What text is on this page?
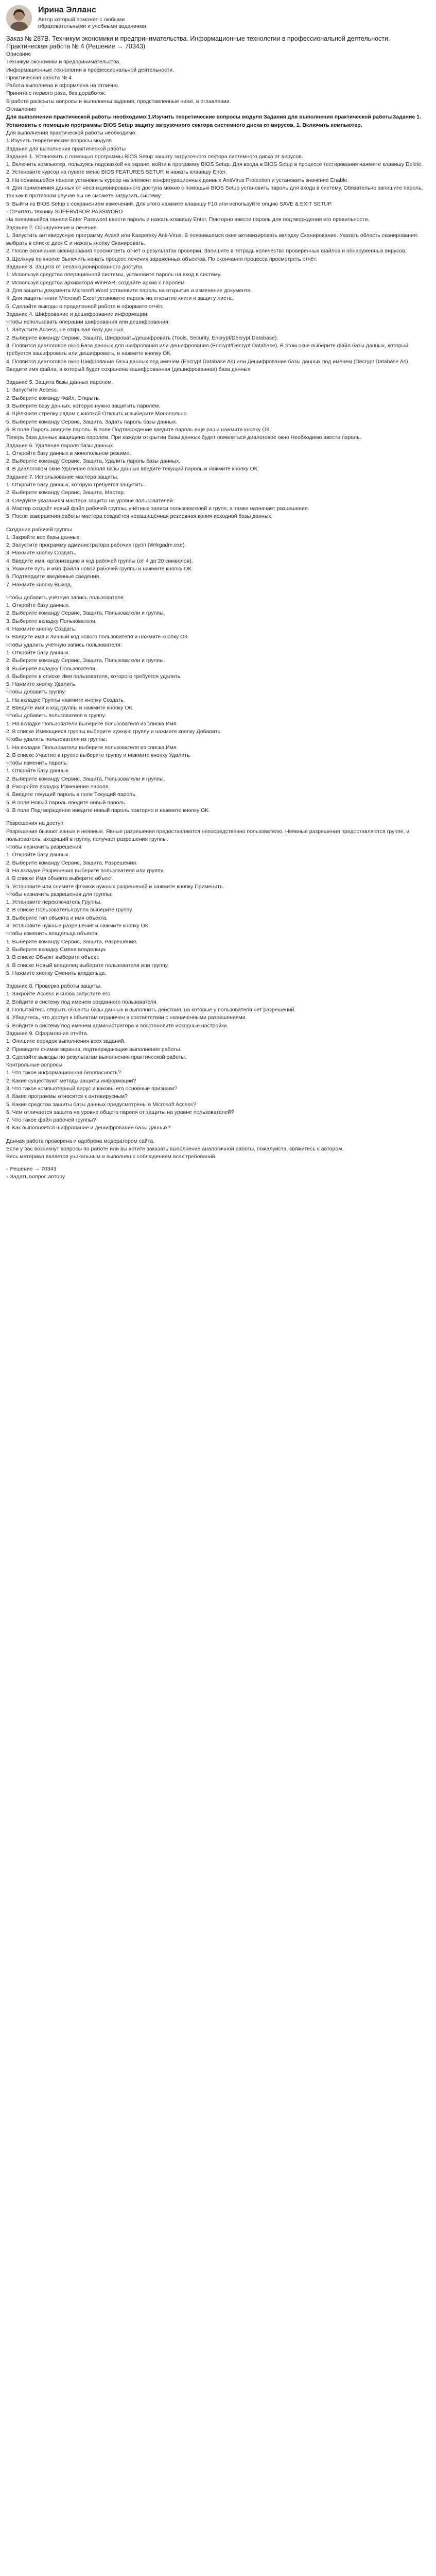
Ирина Элланс
Автор который поможет с любыми образовательными и учебными заданиями.

Заказ № 287В. Техникум экономики и предпринимательства. Информационные технологии в профессиональной деятельности. Практическая работа № 4 (Решение → 70343)

Описание

Техникум экономики и предпринимательства.

Информационные технологии в профессиональной деятельности.

Практическая работа № 4

Работа выполнена и оформлена на отлично.

Принята с первого раза, без доработок.

В работе раскрыты вопросы и выполнены задания, представленные ниже, в оглавлении.

Оглавление

Для выполнения практической работы необходимо:1.Изучить теоретические вопросы модуля Задания для выполнения практической работыЗадание 1. Установить с помощью программы BIOS Setup защиту загрузочного сектора системного диска от вирусов. 1. Включить компьютер.

Для выполнения практической работы необходимо:

1.Изучить теоретические вопросы модуля

Задания для выполнения практической работы

Задание 1. Установить с помощью программы BIOS Setup защиту загрузочного сектора системного диска от вирусов.

1. Включить компьютер, пользуясь подсказкой на экране, войти в программу BIOS Setup. Для входа в BIOS Setup в процессе тестирования нажмите клавишу Delete.

2. Установите курсор на пункте меню BIOS FEATURES SETUP, и нажать клавишу Enter.

3. На появившейся панели установить курсор на элемент конфигурационных данных AntiVirus Protection и установить значение Enable.

4. Для применения данных от несанкционированного доступа можно с помощью BIOS Setup установить пароль для входа в систему. Обязательно запишите пароль, так как в противном случае вы не сможете загрузить систему.

5. Выйти из BIOS Setup с сохранением изменений. Для этого нажмите клавишу F10 или используйте опцию SAVE & EXIT SETUP.

- Отчитать технику SUPERVISOR PASSWORD

На появившейся панели Enter Password ввести пароль и нажать клавишу Enter. Повторно ввести пароль для подтверждения его правильности.

Задание 2. Обнаружение и лечение.

1. Запустить антивирусную программу Avast! или Kaspersky Anti-Virus. В появившемся окне активизировать вкладку Сканирование. Указать область сканирования: выбрать в списке диск С и нажать кнопку Сканировать.

2. После окончания сканирования просмотреть отчёт о результатах проверки. Запишите в тетрадь количество проверенных файлов и обнаруженных вирусов.

3. Щелкнув по кнопке Вылечить начать процесс лечения заражённых объектов. По окончании процесса просмотреть отчёт.

Задание 3. Защита от несанкционированного доступа.

1. Используя средства операционной системы, установите пароль на вход в систему.

2. Используя средства архиватора WinRAR, создайте архив с паролем.

3. Для защиты документа Microsoft Word установите пароль на открытие и изменение документа.

4. Для защиты книги Microsoft Excel установите пароль на открытие книги и защиту листа.

5. Сделайте выводы о проделанной работе и оформите отчёт.

Задание 4. Шифрование и дешифрование информации.

Чтобы использовать операции шифрования или дешифрования:

1. Запустите Access, не открывая базу данных.

2. Выберите команду Сервис, Защита, Шифровать/дешифровать (Tools, Security, Encrypt/Decrypt Database).

3. Появится диалоговое окно База данных для шифрования или дешифрования (Encrypt/Decrypt Database). В этом окне выберите файл базы данных, который требуется зашифровать или дешифровать, и нажмите кнопку ОК.

4. Появится диалоговое окно Шифрование базы данных под именем (Encrypt Database As) или Дешифрование базы данных под именем (Decrypt Database As). Введите имя файла, в который будет сохранена зашифрованная (дешифрованная) база данных.

Задание 5. Защита базы данных паролем.

1. Запустите Access.

2. Выберите команду Файл, Открыть.

3. Выберите базу данных, которую нужно защитить паролем.

4. Щёлкните стрелку рядом с кнопкой Открыть и выберите Монопольно.

5. Выберите команду Сервис, Защита, Задать пароль базы данных.

6. В поле Пароль введите пароль. В поле Подтверждение введите пароль ещё раз и нажмите кнопку ОК.

Теперь база данных защищена паролем. При каждом открытии базы данных будет появляться диалоговое окно Необходимо ввести пароль.

Задание 6. Удаление пароля базы данных.

1. Откройте базу данных в монопольном режиме.

2. Выберите команду Сервис, Защита, Удалить пароль базы данных.

3. В диалоговом окне Удаление пароля базы данных введите текущий пароль и нажмите кнопку ОК.

Задание 7. Использование мастера защиты.

1. Откройте базу данных, которую требуется защитить.

2. Выберите команду Сервис, Защита, Мастер.

3. Следуйте указаниям мастера защиты на уровне пользователей.

4. Мастер создаёт новый файл рабочей группы, учётные записи пользователей и групп, а также назначает разрешения.

5. После завершения работы мастера создаётся незащищённая резервная копия исходной базы данных.

Создание рабочей группы

1. Закройте все базы данных.

2. Запустите программу администратора рабочих групп (Wrkgadm.exe).

3. Нажмите кнопку Создать.

4. Введите имя, организацию и код рабочей группы (от 4 до 20 символов).

5. Укажите путь и имя файла новой рабочей группы и нажмите кнопку ОК.

6. Подтвердите введённые сведения.

7. Нажмите кнопку Выход.

Чтобы добавить учётную запись пользователя:

1. Откройте базу данных.

2. Выберите команду Сервис, Защита, Пользователи и группы.

3. Выберите вкладку Пользователи.

4. Нажмите кнопку Создать.

5. Введите имя и личный код нового пользователя и нажмите кнопку ОК.

Чтобы удалить учётную запись пользователя:

1. Откройте базу данных.

2. Выберите команду Сервис, Защита, Пользователи и группы.

3. Выберите вкладку Пользователи.

4. Выберите в списке Имя пользователя, которого требуется удалить.

5. Нажмите кнопку Удалить.

Чтобы добавить группу:

1. На вкладке Группы нажмите кнопку Создать.

2. Введите имя и код группы и нажмите кнопку ОК.

Чтобы добавить пользователя в группу:

1. На вкладке Пользователи выберите пользователя из списка Имя.

2. В списке Имеющиеся группы выберите нужную группу и нажмите кнопку Добавить.

Чтобы удалить пользователя из группы:

1. На вкладке Пользователи выберите пользователя из списка Имя.

2. В списке Участие в группе выберите группу и нажмите кнопку Удалить.

Чтобы изменить пароль:

1. Откройте базу данных.

2. Выберите команду Сервис, Защита, Пользователи и группы.

3. Раскройте вкладку Изменение пароля.

4. Введите текущий пароль в поле Текущий пароль.

5. В поле Новый пароль введите новый пароль.

6. В поле Подтверждение введите новый пароль повторно и нажмите кнопку ОК.

Разрешения на доступ

Разрешения бывают явные и неявные. Явные разрешения предоставляются непосредственно пользователю. Неявные разрешения предоставляются группе, и пользователь, входящий в группу, получает разрешения группы.

Чтобы назначить разрешения:

1. Откройте базу данных.

2. Выберите команду Сервис, Защита, Разрешения.

3. На вкладке Разрешения выберите пользователя или группу.

4. В списке Имя объекта выберите объект.

5. Установите или снимите флажки нужных разрешений и нажмите кнопку Применить.

Чтобы назначить разрешения для группы:

1. Установите переключатель Группы.

2. В списке Пользователь/группа выберите группу.

3. Выберите тип объекта и имя объекта.

4. Установите нужные разрешения и нажмите кнопку ОК.

Чтобы изменить владельца объекта:

1. Выберите команду Сервис, Защита, Разрешения.

2. Выберите вкладку Смена владельца.

3. В списке Объект выберите объект.

4. В списке Новый владелец выберите пользователя или группу.

5. Нажмите кнопку Сменить владельца.

Задание 8. Проверка работы защиты.

1. Закройте Access и снова запустите его.

2. Войдите в систему под именем созданного пользователя.

3. Попытайтесь открыть объекты базы данных и выполнить действия, на которые у пользователя нет разрешений.

4. Убедитесь, что доступ к объектам ограничен в соответствии с назначенными разрешениями.

5. Войдите в систему под именем администратора и восстановите исходные настройки.

Задание 9. Оформление отчёта.

1. Опишите порядок выполнения всех заданий.

2. Приведите снимки экранов, подтверждающие выполнение работы.

3. Сделайте выводы по результатам выполнения практической работы.

Контрольные вопросы

1. Что такое информационная безопасность?

2. Какие существуют методы защиты информации?

3. Что такое компьютерный вирус и каковы его основные признаки?

4. Какие программы относятся к антивирусным?

5. Какие средства защиты базы данных предусмотрены в Microsoft Access?

6. Чем отличается защита на уровне общего пароля от защиты на уровне пользователей?

7. Что такое файл рабочей группы?

8. Как выполняется шифрование и дешифрование базы данных?

Данная работа проверена и одобрена модератором сайта.

Если у вас возникнут вопросы по работе или вы хотите заказать выполнение аналогичной работы, пожалуйста, свяжитесь с автором.

Весь материал является уникальным и выполнен с соблюдением всех требований.

‹ Решение → 70343
› Задать вопрос автору
